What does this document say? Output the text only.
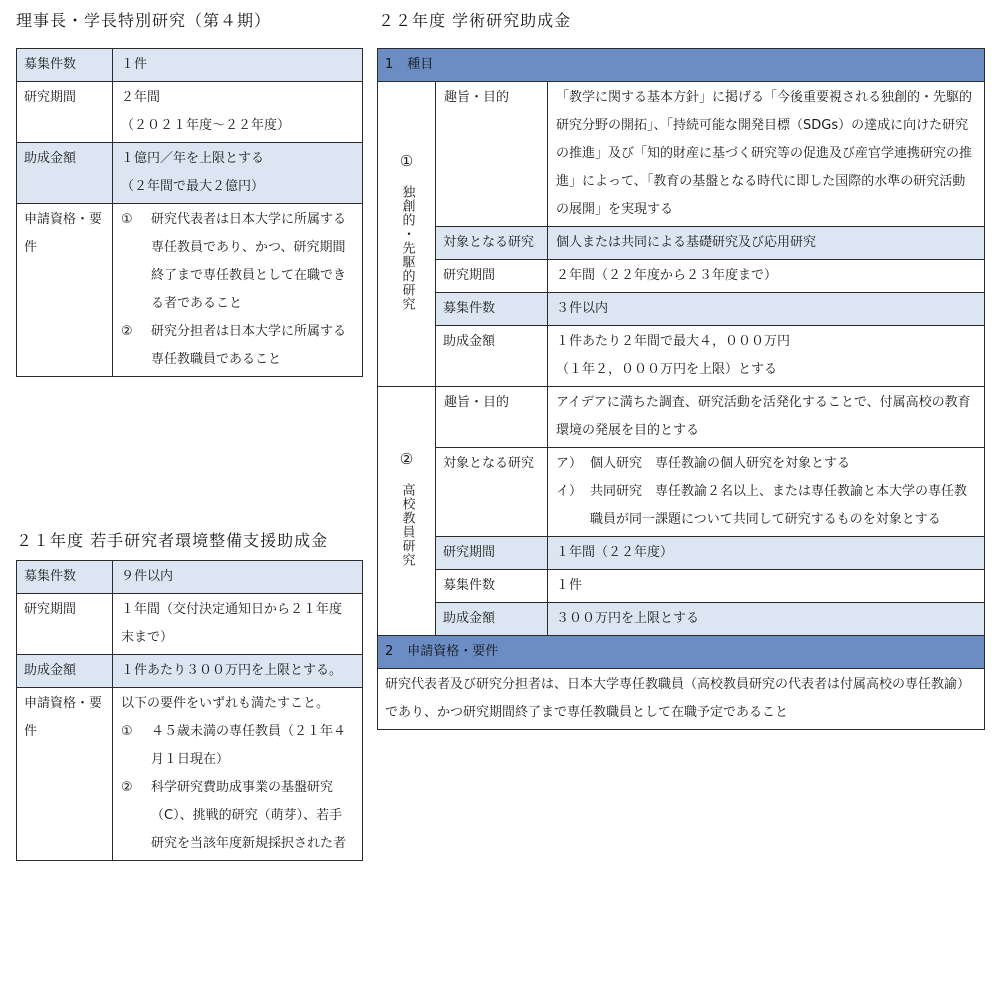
理事長・学長特別研究（第４期）
募集件数	１件
研究期間	２年間
（２０２１年度～２２年度）

助成金額	１億円／年を上限とする
（２年間で最大２億円）

申請資格・要件	① 研究代表者は日本大学に所属する専任教員であり、かつ、研究期間終了まで専任教員として在職できる者であること
② 研究分担者は日本大学に所属する専任教職員であること
２１年度 若手研究者環境整備支援助成金
募集件数	９件以内
研究期間	１年間（交付決定通知日から２１年度末まで）
助成金額	１件あたり３００万円を上限とする。
申請資格・要件	以下の要件をいずれも満たすこと。
① ４５歳未満の専任教員（２１年４月１日現在）
② 科学研究費助成事業の基盤研究（C）、挑戦的研究（萌芽）、若手研究を当該年度新規採択された者
２２年度 学術研究助成金
1 種目		

①
独創的・先駆的研究	趣旨・目的	「教学に関する基本方針」に掲げる「今後重要視される独創的・先駆的研究分野の開拓」、「持続可能な開発目標（SDGs）の達成に向けた研究の推進」及び「知的財産に基づく研究等の促進及び産官学連携研究の推進」によって、「教育の基盤となる時代に即した国際的水準の研究活動の展開」を実現する
	対象となる研究	個人または共同による基礎研究及び応用研究
	研究期間	２年間（２２年度から２３年度まで）
	募集件数	３件以内
	助成金額	１件あたり２年間で最大４，０００万円
（１年２，０００万円を上限）とする

②
高校教員研究	趣旨・目的	アイデアに満ちた調査、研究活動を活発化することで、付属高校の教育環境の発展を目的とする
	対象となる研究	ア） 個人研究　専任教諭の個人研究を対象とする
イ） 共同研究　専任教諭２名以上、または専任教諭と本大学の専任教職員が同一課題について共同して研究するものを対象とする

	研究期間	１年間（２２年度）
	募集件数	１件
	助成金額	３００万円を上限とする
2 申請資格・要件		
研究代表者及び研究分担者は、日本大学専任教職員（高校教員研究の代表者は付属高校の専任教諭）であり、かつ研究期間終了まで専任教職員として在職予定であること		
